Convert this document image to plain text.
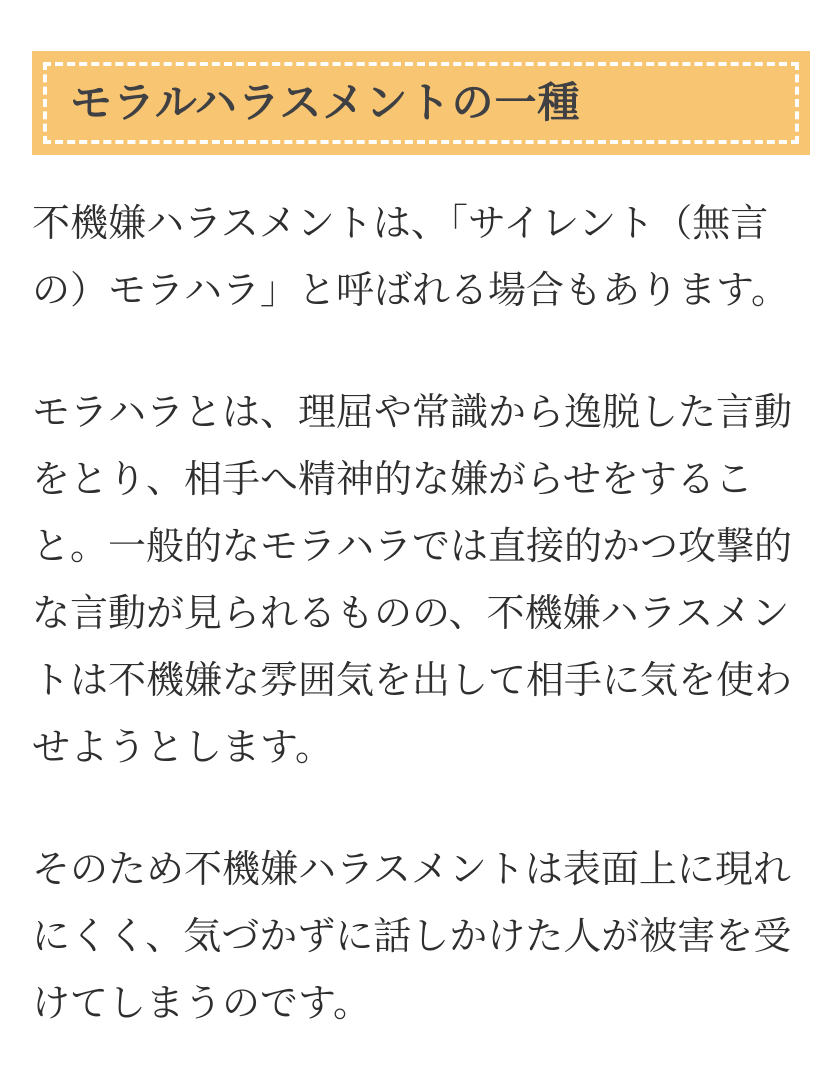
モラルハラスメントの一種

不機嫌ハラスメントは、「サイレント（無言の）モラハラ」と呼ばれる場合もあります。

モラハラとは、理屈や常識から逸脱した言動をとり、相手へ精神的な嫌がらせをすること。一般的なモラハラでは直接的かつ攻撃的な言動が見られるものの、不機嫌ハラスメントは不機嫌な雰囲気を出して相手に気を使わせようとします。

そのため不機嫌ハラスメントは表面上に現れにくく、気づかずに話しかけた人が被害を受けてしまうのです。
